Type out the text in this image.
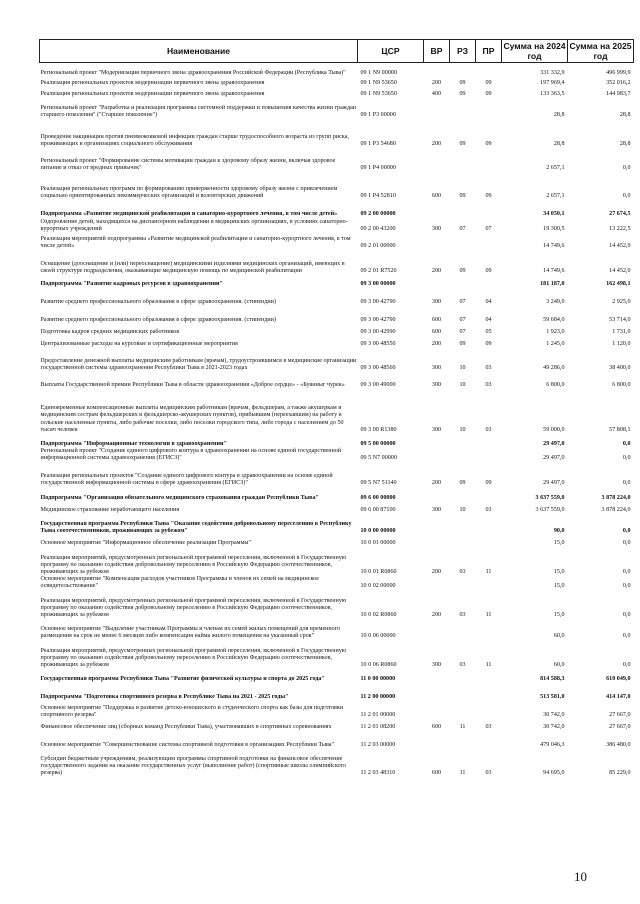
Наименование	ЦСР	ВР	РЗ	ПР	Сумма на 2024 год	Сумма на 2025 год
Региональный проект "Модернизация первичного звена здравоохранения Российской Федерации (Республика Тыва)"	09 1 N9 00000				331 332,9	496 999,9
Реализация региональных проектов модернизации первичного звена здравоохранения	09 1 N9 53650	200	09	09	197 969,4	352 016,2
Реализация региональных проектов модернизации первичного звена здравоохранения	09 1 N9 53650	400	09	09	133 363,5	144 983,7
Региональный проект "Разработка и реализация программы системной поддержки и повышения качества жизни граждан старшего поколения" ("Старшее поколение")	09 1 P3 00000				28,8	28,8
Проведение вакцинации против пневмококковой инфекции граждан старше трудоспособного возраста из групп риска, проживающих в организациях социального обслуживания	09 1 P3 54680	200	09	09	28,8	28,8
Региональный проект "Формирование системы мотивации граждан к здоровому образу жизни, включая здоровое питание и отказ от вредных привычек"	09 1 P4 00000				2 657,1	0,0
Реализация региональных программ по формированию приверженности здоровому образу жизни с привлечением социально ориентированных некоммерческих организаций и волонтерских движений	09 1 P4 52810	600	09	09	2 657,1	0,0
Подпрограмма «Развитие медицинской реабилитации и санаторно-курортного лечения, в том числе детей»	09 2 00 00000				34 050,1	27 674,5
Оздоровление детей, находящихся на диспансерном наблюдении в медицинских организациях, в условиях санаторно-курортных учреждений	09 2 00 43200	300	07	07	19 300,5	13 222,5
Реализация мероприятий подпрограммы «Развитие медицинской реабилитации и санаторно-курортного лечения, в том числе детей»	09 2 01 00000				14 749,6	14 452,0
Оснащение (дооснащение и (или) переоснащение) медицинскими изделиями медицинских организаций, имеющих в своей структуре подразделения, оказывающие медицинскую помощь по медицинской реабилитации	09 2 01 R7520	200	09	09	14 749,6	14 452,0
Подпрограмма "Развитие кадровых ресурсов в здравоохранении"	09 3 00 00000				181 187,0	162 498,1
Развитие среднего профессионального образования в сфере здравоохранения. (стипендии)	09 3 00 42790	300	07	04	3 249,0	2 925,0
Развитие среднего профессионального образования в сфере здравоохранения. (стипендии)	09 3 00 42790	600	07	04	59 684,0	53 714,0
Подготовка кадров средних медицинских работников	09 3 00 42990	600	07	05	1 923,0	1 731,0
Централизованные расходы на курсовые и сертификационные мероприятия	09 3 00 48550	200	09	09	1 245,0	1 120,0
Предоставление денежной выплаты медицинским работникам (врачам), трудоустроившимся в медицинские организации государственной системы здравоохранения Республики Тыва в 2021-2023 годах	09 3 00 48560	300	10	03	49 286,0	38 400,0
Выплаты Государственной премии Республики Тыва в области здравоохранения «Доброе сердце» - «Буянныг чурек»	09 3 00 49000	300	10	03	6 800,0	6 800,0
Единовременные компенсационные выплаты медицинским работникам (врачам, фельдшерам, а также акушеркам и медицинским сестрам фельдшерских и фельдшерско-акушерских пунктов), прибывшим (переехавшим) на работу в сельские населенные пункты, либо рабочие поселки, либо поселки городского типа, либо города с населением до 50 тысяч человек	09 3 00 R1380	300	10	03	59 000,0	57 808,1
Подпрограмма "Информационные технологии в здравоохранении"	09 5 00 00000				29 497,0	0,0
Региональный проект "Создание единого цифрового контура в здравоохранении на основе единой государственной информационной системы здравоохранения (ЕГИСЗ)"	09 5 N7 00000				29 497,0	0,0
Реализация региональных проектов "Создание единого цифрового контура в здравоохранении на основе единой государственной информационной системы в сфере здравоохранения (ЕГИСЗ)"	09 5 N7 51140	200	09	09	29 497,0	0,0
Подпрограмма "Организация обязательного медицинского страхования граждан Республики Тыва"	09 6 00 00000				3 637 559,0	3 878 224,0
Медицинское страхование неработающего населения	09 6 00 87100	300	10	03	3 637 559,0	3 878 224,0
Государственная программа Республики Тыва "Оказание содействия добровольному переселению в Республику Тыва соотечественников, проживающих за рубежом"	10 0 00 00000				90,0	0,0
Основное мероприятие "Информационное обеспечение реализации Программы"	10 0 01 00000				15,0	0,0
Реализация мероприятий, предусмотренных региональной программой переселения, включенной в Государственную программу по оказанию содействия добровольному переселению в Российскую Федерацию соотечественников, проживающих за рубежом	10 0 01 R0860	200	03	11	15,0	0,0
Основное мероприятие "Компенсация расходов участников Программы и членов их семей на медицинское освидетельствование"	10 0 02 00000				15,0	0,0
Реализация мероприятий, предусмотренных региональной программой переселения, включенной в Государственную программу по оказанию содействия добровольному переселению в Российскую Федерацию соотечественников, проживающих за рубежом	10 0 02 R0860	200	03	11	15,0	0,0
Основное мероприятие "Выделение участникам Программы и членам их семей жилых помещений для временного размещения на срок не менее 6 месяцев либо компенсация найма жилого помещения на указанный срок"	10 0 06 00000				60,0	0,0
Реализация мероприятий, предусмотренных региональной программой переселения, включенной в Государственную программу по оказанию содействия добровольному переселению в Российскую Федерацию соотечественников, проживающих за рубежом	10 0 06 R0860	300	03	11	60,0	0,0
Государственная программа Республики Тыва "Развитие физической культуры и спорта до 2025 года"	11 0 00 00000				814 588,3	610 049,0
Подпрограмма "Подготовка спортивного резерва в Республике Тыва на 2021 - 2025 годы"	11 2 00 00000				513 581,0	414 147,0
Основное мероприятие "Поддержка и развитие детско-юношеского и студенческого спорта как базы для подготовки спортивного резерва"	11 2 01 00000				30 742,0	27 667,0
Финансовое обеспечение лиц (сборных команд Республики Тыва), участвовавших в спортивных соревнованиях	11 2 01 08200	600	11	03	30 742,0	27 667,0
Основное мероприятие "Совершенствование системы спортивной подготовки в организациях Республики Тыва"	11 2 03 00000				479 046,3	386 480,0
Субсидии бюджетным учреждениям, реализующим программы спортивной подготовки на финансовое обеспечение государственного задания на оказание государственных услуг (выполнение работ) (спортивные школы олимпийского резерва)	11 2 03 48310	600	11	03	94 695,0	85 229,0
10
